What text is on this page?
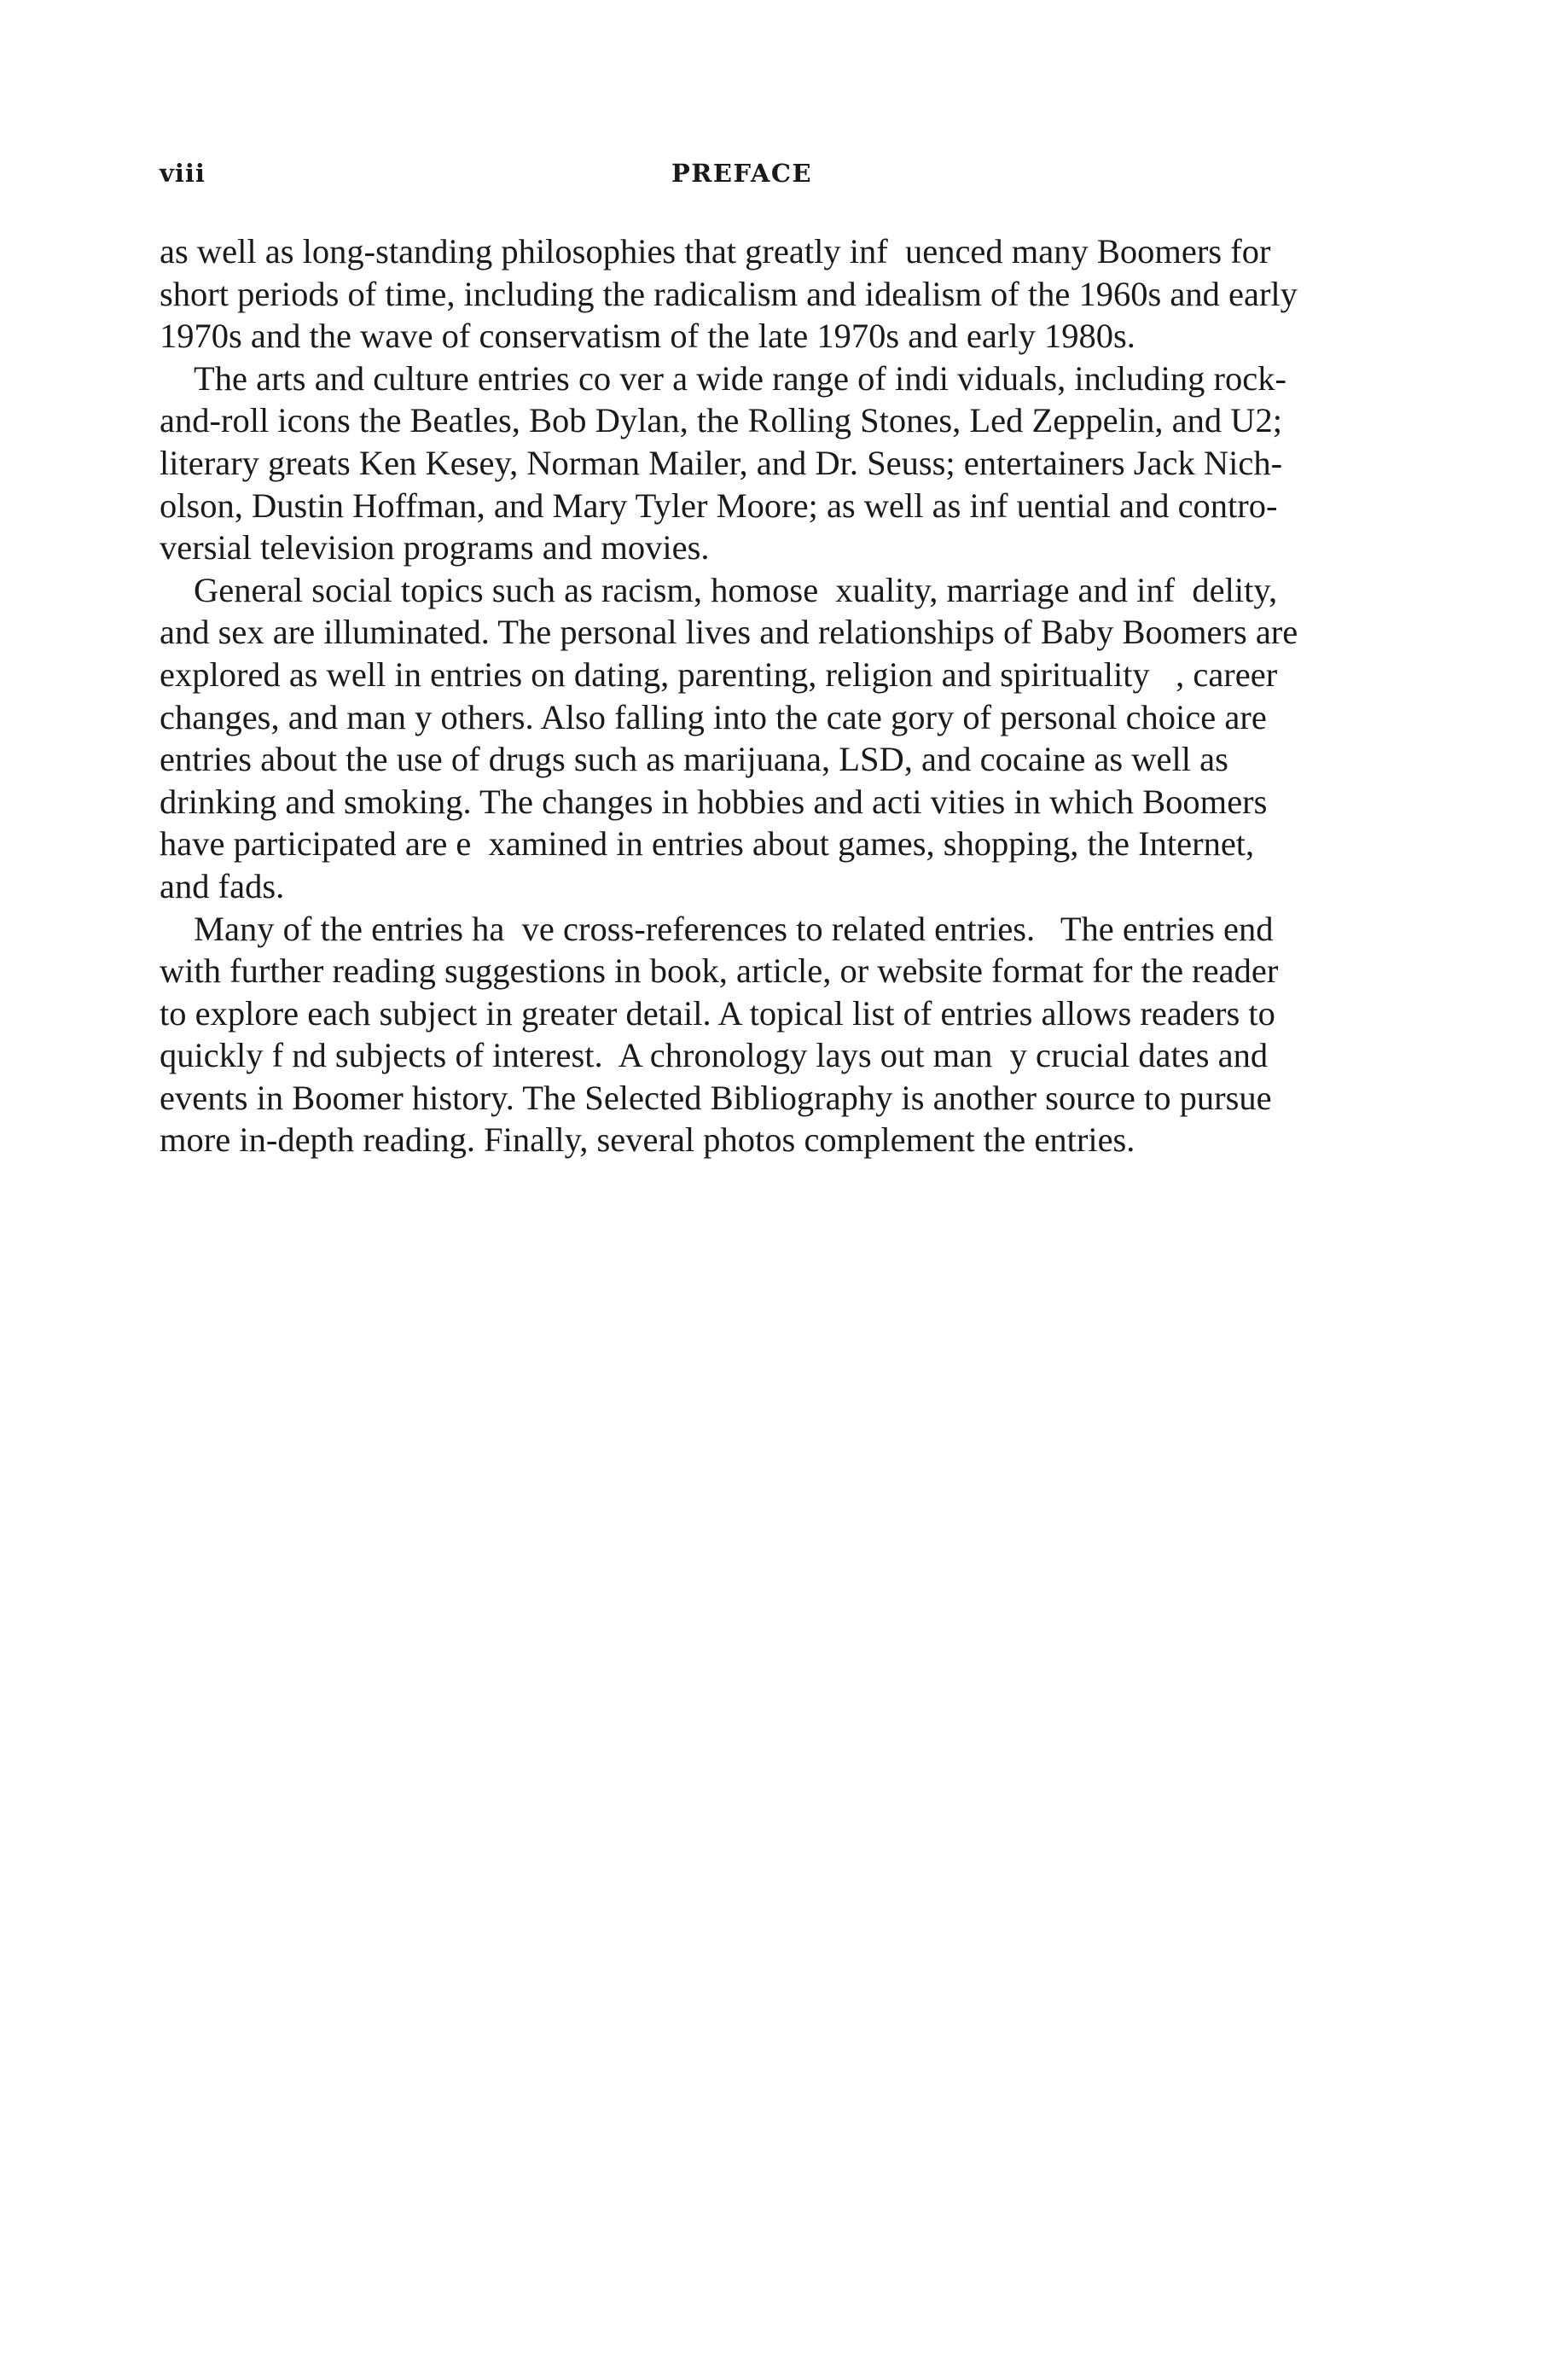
viii	PREFACE
as well as long-standing philosophies that greatly inf  uenced many Boomers for
short periods of time, including the radicalism and idealism of the 1960s and early
1970s and the wave of conservatism of the late 1970s and early 1980s.
The arts and culture entries co ver a wide range of indi viduals, including rock-
and-roll icons the Beatles, Bob Dylan, the Rolling Stones, Led Zeppelin, and U2;
literary greats Ken Kesey, Norman Mailer, and Dr. Seuss; entertainers Jack Nich-
olson, Dustin Hoffman, and Mary Tyler Moore; as well as inf uential and contro-
versial television programs and movies.
General social topics such as racism, homose  xuality, marriage and inf  delity,
and sex are illuminated. The personal lives and relationships of Baby Boomers are
explored as well in entries on dating, parenting, religion and spirituality   , career
changes, and man y others. Also falling into the cate gory of personal choice are
entries about the use of drugs such as marijuana, LSD, and cocaine as well as
drinking and smoking. The changes in hobbies and acti vities in which Boomers
have participated are e  xamined in entries about games, shopping, the Internet,
and fads.
Many of the entries ha  ve cross-references to related entries.   The entries end
with further reading suggestions in book, article, or website format for the reader
to explore each subject in greater detail. A topical list of entries allows readers to
quickly f nd subjects of interest.  A chronology lays out man  y crucial dates and
events in Boomer history. The Selected Bibliography is another source to pursue
more in-depth reading. Finally, several photos complement the entries.
